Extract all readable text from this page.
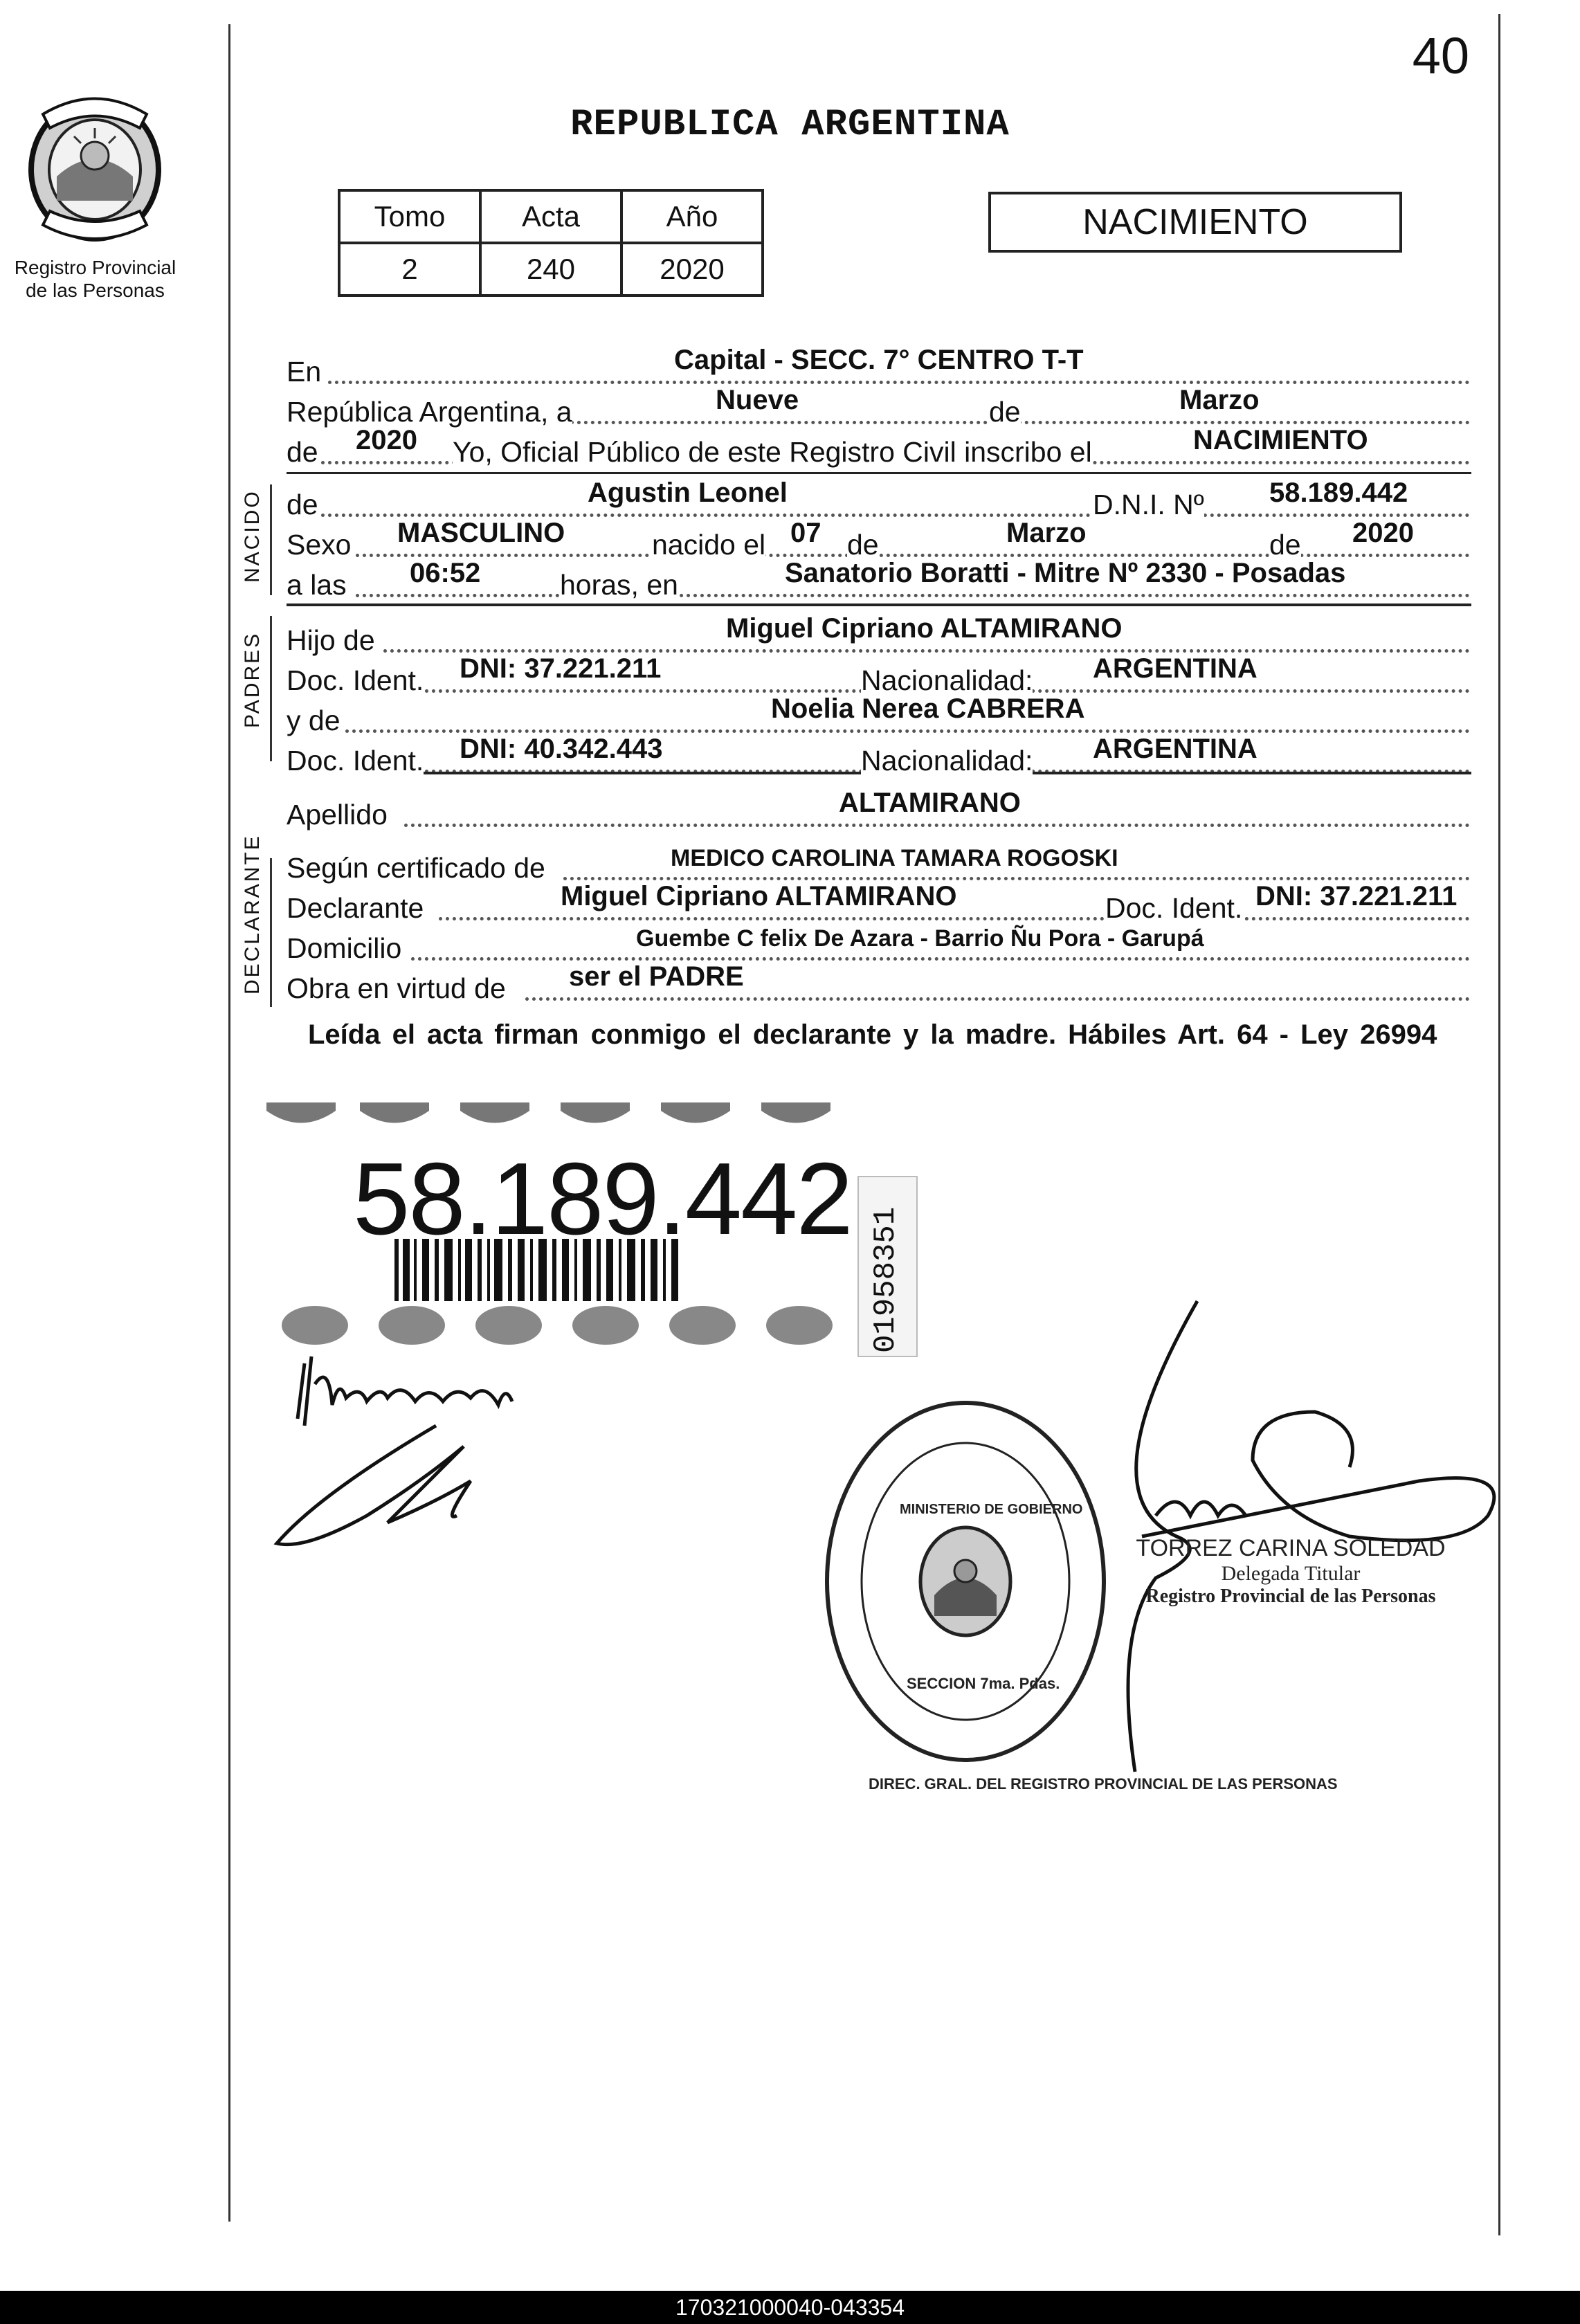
40
Registro Provincial
de las Personas
REPUBLICA ARGENTINA
Tomo	Acta	Año
2	240	2020
NACIMIENTO
En	Capital - SECC. 7° CENTRO T-T
República Argentina, a	Nueve	de	Marzo
de 2020 Yo, Oficial Público de este Registro Civil inscribo el	NACIMIENTO
NACIDO de	Agustin Leonel	D.N.I. Nº 58.189.442
Sexo MASCULINO	nacido el 07 de	Marzo	de 2020
a las 06:52	horas, en	Sanatorio Boratti - Mitre Nº 2330 - Posadas
PADRES Hijo de	Miguel Cipriano ALTAMIRANO
Doc. Ident. DNI: 37.221.211	Nacionalidad: ARGENTINA
y de	Noelia Nerea CABRERA
Doc. Ident. DNI: 40.342.443	Nacionalidad: ARGENTINA
Apellido	ALTAMIRANO
DECLARANTE Según certificado de	MEDICO CAROLINA TAMARA ROGOSKI
Declarante	Miguel Cipriano ALTAMIRANO	Doc. Ident. DNI: 37.221.211
Domicilio	Guembe C felix De Azara - Barrio Ñu Pora - Garupá
Obra en virtud de ser el PADRE
Leída el acta firman conmigo el declarante y la madre. Hábiles Art. 64 - Ley 26994
58.189.442
01958351
DIREC. GRAL. DEL REGISTRO PROVINCIAL DE LAS PERSONAS
MINISTERIO DE GOBIERNO
SECCION 7ma. Pdas.
TORREZ CARINA SOLEDAD
Delegada Titular
Registro Provincial de las Personas
170321000040-043354
